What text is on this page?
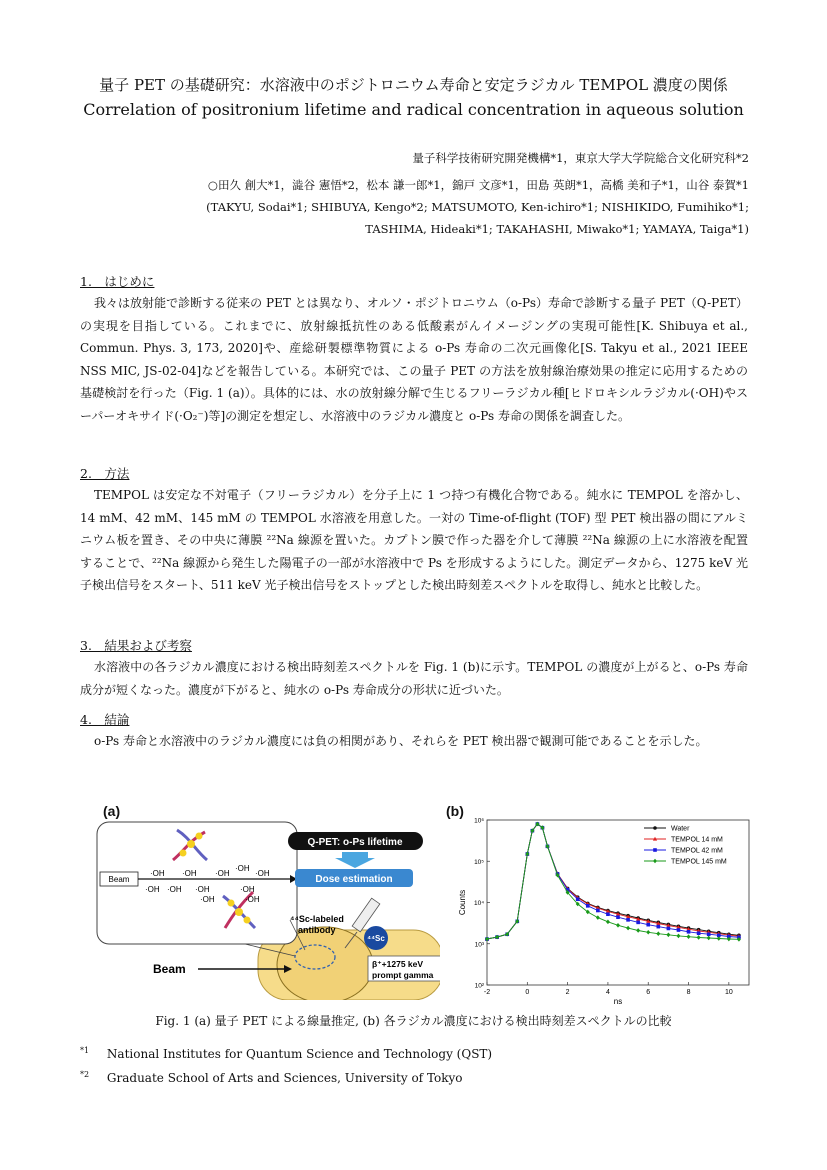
量子 PET の基礎研究：水溶液中のポジトロニウム寿命と安定ラジカル TEMPOL 濃度の関係
Correlation of positronium lifetime and radical concentration in aqueous solution
量子科学技術研究開発機構*1，東京大学大学院総合文化研究科*2
○田久 創大*1，澁谷 憲悟*2，松本 謙一郎*1，錦戸 文彦*1，田島 英朗*1，高橋 美和子*1，山谷 泰賀*1
(TAKYU, Sodai*1; SHIBUYA, Kengo*2; MATSUMOTO, Ken-ichiro*1; NISHIKIDO, Fumihiko*1;
TASHIMA, Hideaki*1; TAKAHASHI, Miwako*1; YAMAYA, Taiga*1)
1.　はじめに

我々は放射能で診断する従来の PET とは異なり、オルソ・ポジトロニウム（o-Ps）寿命で診断する量子 PET（Q-PET）の実現を目指している。これまでに、放射線抵抗性のある低酸素がんイメージングの実現可能性[K. Shibuya et al., Commun. Phys. 3, 173, 2020]や、産総研製標準物質による o-Ps 寿命の二次元画像化[S. Takyu et al., 2021 IEEE NSS MIC, JS-02-04]などを報告している。本研究では、この量子 PET の方法を放射線治療効果の推定に応用するための基礎検討を行った（Fig. 1 (a)）。具体的には、水の放射線分解で生じるフリーラジカル種[ヒドロキシルラジカル(·OH)やスーパーオキサイド(·O₂⁻)等]の測定を想定し、水溶液中のラジカル濃度と o-Ps 寿命の関係を調査した。

2.　方法

TEMPOL は安定な不対電子（フリーラジカル）を分子上に 1 つ持つ有機化合物である。純水に TEMPOL を溶かし、14 mM、42 mM、145 mM の TEMPOL 水溶液を用意した。一対の Time-of-flight (TOF) 型 PET 検出器の間にアルミニウム板を置き、その中央に薄膜 ²²Na 線源を置いた。カプトン膜で作った器を介して薄膜 ²²Na 線源の上に水溶液を配置することで、²²Na 線源から発生した陽電子の一部が水溶液中で Ps を形成するようにした。測定データから、1275 keV 光子検出信号をスタート、511 keV 光子検出信号をストップとした検出時刻差スペクトルを取得し、純水と比較した。

3.　結果および考察

水溶液中の各ラジカル濃度における検出時刻差スペクトルを Fig. 1 (b)に示す。TEMPOL の濃度が上がると、o-Ps 寿命成分が短くなった。濃度が下がると、純水の o-Ps 寿命成分の形状に近づいた。

4.　結論

o-Ps 寿命と水溶液中のラジカル濃度には負の相関があり、それらを PET 検出器で観測可能であることを示した。

(a)
Beam
·OH ·OH ·OH
·OH
·OH
·OH ·OH ·OH	·OH
·OH	·OH
Q-PET: o-Ps lifetime
Dose estimation
⁴⁴Sc-labeled
antibody
⁴⁴Sc
β⁺+1275 keV
prompt gamma
Beam
(b)
-2	0	2	4	6	8	10
10²
10³
10⁴
10⁵
10⁶
ns
Counts
Water
TEMPOL 14 mM
TEMPOL 42 mM
TEMPOL 145 mM
Fig. 1 (a) 量子 PET による線量推定, (b) 各ラジカル濃度における検出時刻差スペクトルの比較
$^{*1}$ National Institutes for Quantum Science and Technology (QST)
$^{*2}$ Graduate School of Arts and Sciences, University of Tokyo
